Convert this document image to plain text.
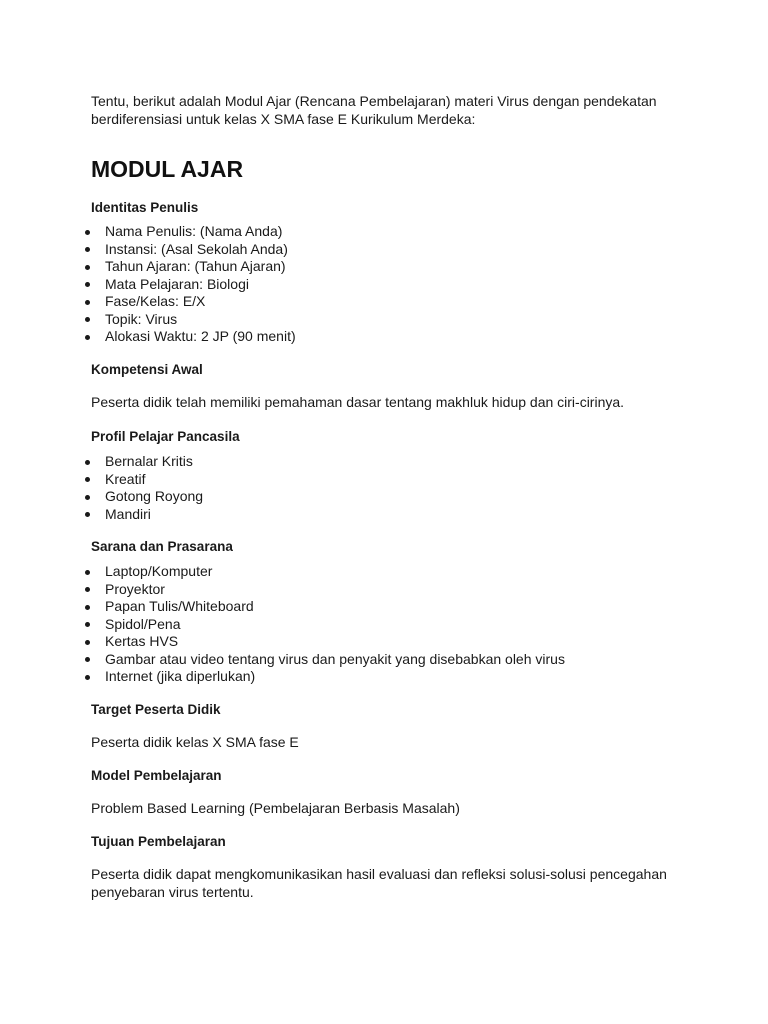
Tentu, berikut adalah Modul Ajar (Rencana Pembelajaran) materi Virus dengan pendekatan berdiferensiasi untuk kelas X SMA fase E Kurikulum Merdeka:
MODUL AJAR
Identitas Penulis
Nama Penulis: (Nama Anda)
Instansi: (Asal Sekolah Anda)
Tahun Ajaran: (Tahun Ajaran)
Mata Pelajaran: Biologi
Fase/Kelas: E/X
Topik: Virus
Alokasi Waktu: 2 JP (90 menit)
Kompetensi Awal
Peserta didik telah memiliki pemahaman dasar tentang makhluk hidup dan ciri-cirinya.
Profil Pelajar Pancasila
Bernalar Kritis
Kreatif
Gotong Royong
Mandiri
Sarana dan Prasarana
Laptop/Komputer
Proyektor
Papan Tulis/Whiteboard
Spidol/Pena
Kertas HVS
Gambar atau video tentang virus dan penyakit yang disebabkan oleh virus
Internet (jika diperlukan)
Target Peserta Didik
Peserta didik kelas X SMA fase E
Model Pembelajaran
Problem Based Learning (Pembelajaran Berbasis Masalah)
Tujuan Pembelajaran
Peserta didik dapat mengkomunikasikan hasil evaluasi dan refleksi solusi-solusi pencegahan penyebaran virus tertentu.
